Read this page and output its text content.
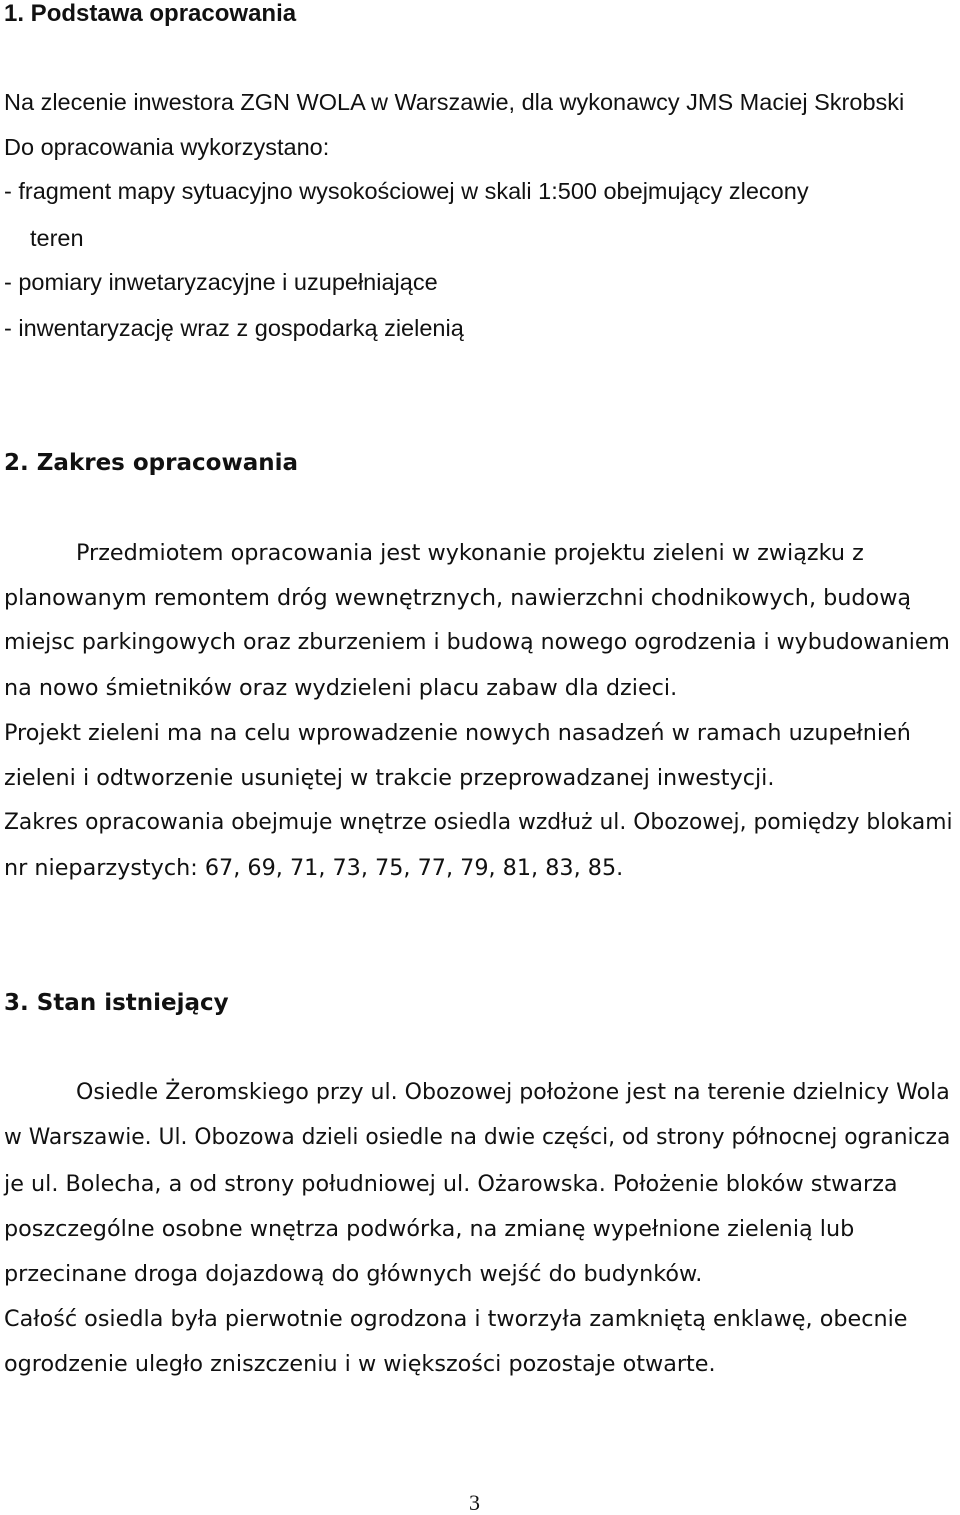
1. Podstawa opracowania
Na zlecenie inwestora ZGN WOLA w Warszawie, dla wykonawcy JMS Maciej Skrobski
Do opracowania wykorzystano:
- fragment mapy sytuacyjno wysokościowej w skali 1:500 obejmujący zlecony
teren
- pomiary inwetaryzacyjne i uzupełniające
- inwentaryzację wraz z gospodarką zielenią
2. Zakres opracowania
Przedmiotem opracowania jest wykonanie projektu zieleni w związku z
planowanym remontem dróg wewnętrznych, nawierzchni chodnikowych, budową
miejsc parkingowych oraz zburzeniem i budową nowego ogrodzenia i wybudowaniem
na nowo śmietników oraz wydzieleni placu zabaw dla dzieci.
Projekt zieleni ma na celu wprowadzenie nowych nasadzeń w ramach uzupełnień
zieleni i odtworzenie usuniętej w trakcie przeprowadzanej inwestycji.
Zakres opracowania obejmuje wnętrze osiedla wzdłuż ul. Obozowej, pomiędzy blokami
nr nieparzystych: 67, 69, 71, 73, 75, 77, 79, 81, 83, 85.
3. Stan istniejący
Osiedle Żeromskiego przy ul. Obozowej położone jest na terenie dzielnicy Wola
w Warszawie. Ul. Obozowa dzieli osiedle na dwie części, od strony północnej ogranicza
je ul. Bolecha, a od strony południowej ul. Ożarowska. Położenie bloków stwarza
poszczególne osobne wnętrza podwórka, na zmianę wypełnione zielenią lub
przecinane droga dojazdową do głównych wejść do budynków.
Całość osiedla była pierwotnie ogrodzona i tworzyła zamkniętą enklawę, obecnie
ogrodzenie uległo zniszczeniu i w większości pozostaje otwarte.
3
